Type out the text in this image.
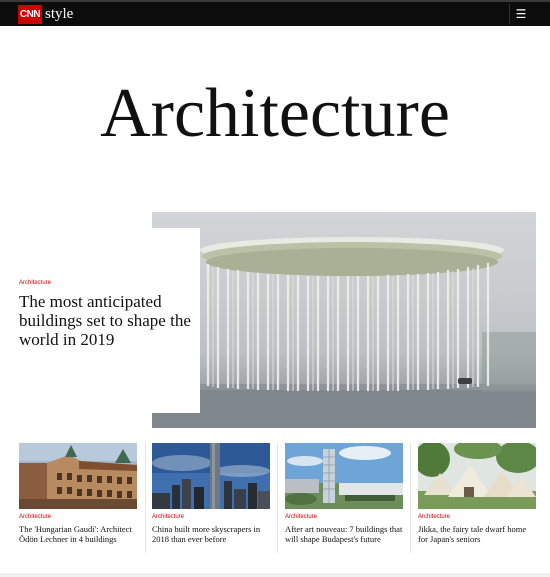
CNN style	☰
Architecture
Architecture
The most anticipated buildings set to shape the world in 2019
Architecture
The 'Hungarian Gaudí': Architect Ödön Lechner in 4 buildings
Architecture
China built more skyscrapers in 2018 than ever before
Architecture
After art nouveau: 7 buildings that will shape Budapest's future
Architecture
Jikka, the fairy tale dwarf home for Japan's seniors
